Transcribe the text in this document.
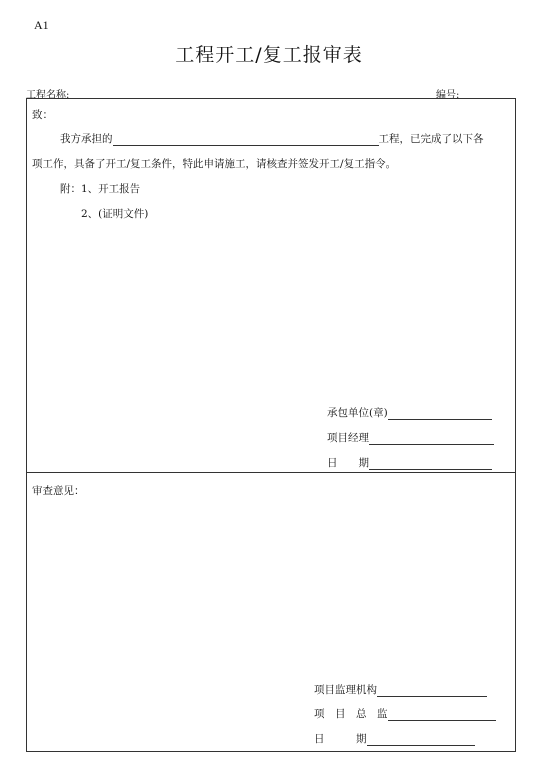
A1
工程开工/复工报审表
工程名称:	编号:
致：
我方承担的	工程，已完成了以下各
项工作，具备了开工/复工条件，特此申请施工，请核查并签发开工/复工指令。
附：1、开工报告
2、(证明文件)
承包单位(章)
项目经理
日　　期
审查意见：
项目监理机构
项　目　总　监
日　　　期
